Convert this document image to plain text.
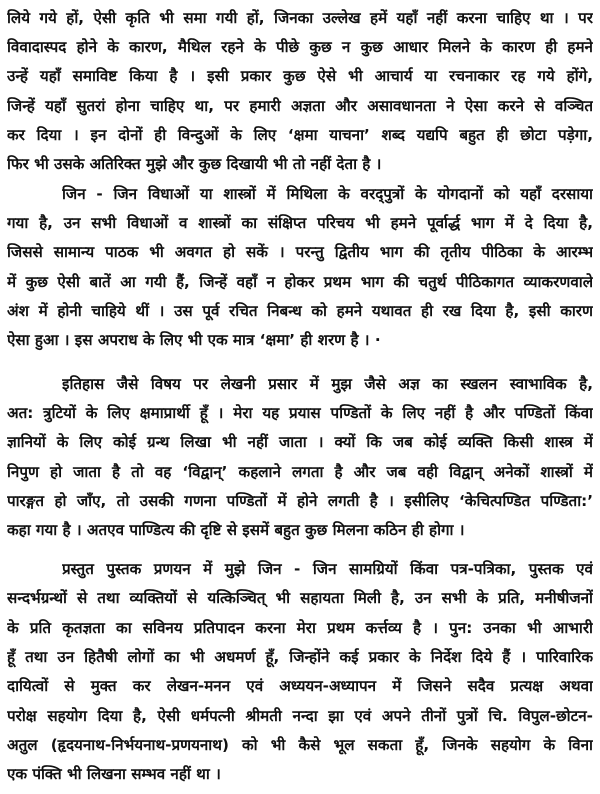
लिये गये हों, ऐसी कृति भी समा गयी हों, जिनका उल्लेख हमें यहाँ नहीं करना चाहिए था । पर
विवादास्पद होने के कारण, मैथिल रहने के पीछे कुछ न कुछ आधार मिलने के कारण ही हमने
उन्हें यहाँ समाविष्ट किया है । इसी प्रकार कुछ ऐसे भी आचार्य या रचनाकार रह गये होंगे,
जिन्हें यहाँ सुतरां होना चाहिए था, पर हमारी अज्ञता और असावधानता ने ऐसा करने से वञ्चित
कर दिया । इन दोनों ही विन्दुओं के लिए ‘क्षमा याचना’ शब्द यद्यपि बहुत ही छोटा पड़ेगा,
फिर भी उसके अतिरिक्त मुझे और कुछ दिखायी भी तो नहीं देता है ।
जिन - जिन विधाओं या शास्त्रों में मिथिला के वरद्पुत्रों के योगदानों को यहाँ दरसाया
गया है, उन सभी विधाओं व शास्त्रों का संक्षिप्त परिचय भी हमने पूर्वार्द्ध भाग में दे दिया है,
जिससे सामान्य पाठक भी अवगत हो सकें । परन्तु द्वितीय भाग की तृतीय पीठिका के आरम्भ
में कुछ ऐसी बातें आ गयी हैं, जिन्हें वहाँ न होकर प्रथम भाग की चतुर्थ पीठिकागत व्याकरणवाले
अंश में होनी चाहिये थीं । उस पूर्व रचित निबन्ध को हमने यथावत ही रख दिया है, इसी कारण
ऐसा हुआ । इस अपराध के लिए भी एक मात्र ‘क्षमा’ ही शरण है । ·
इतिहास जैसे विषय पर लेखनी प्रसार में मुझ जैसे अज्ञ का स्खलन स्वाभाविक है,
अत: त्रुटियों के लिए क्षमाप्रार्थी हूँ । मेरा यह प्रयास पण्डितों के लिए नहीं है और पण्डितों किंवा
ज्ञानियों के लिए कोई ग्रन्थ लिखा भी नहीं जाता । क्यों कि जब कोई व्यक्ति किसी शास्त्र में
निपुण हो जाता है तो वह ‘विद्वान्’ कहलाने लगता है और जब वही विद्वान् अनेकों शास्त्रों में
पारङ्गत हो जाँए, तो उसकी गणना पण्डितों में होने लगती है । इसीलिए ‘केचित्पण्डित पण्डिता:’
कहा गया है । अतएव पाण्डित्य की दृष्टि से इसमें बहुत कुछ मिलना कठिन ही होगा ।
प्रस्तुत पुस्तक प्रणयन में मुझे जिन - जिन सामग्रियों किंवा पत्र-पत्रिका, पुस्तक एवं
सन्दर्भग्रन्थों से तथा व्यक्तियों से यत्किञ्चित् भी सहायता मिली है, उन सभी के प्रति, मनीषीजनों
के प्रति कृतज्ञता का सविनय प्रतिपादन करना मेरा प्रथम कर्त्तव्य है । पुन: उनका भी आभारी
हूँ तथा उन हितैषी लोगों का भी अधमर्ण हूँ, जिन्होंने कई प्रकार के निर्देश दिये हैं । पारिवारिक
दायित्वों से मुक्त कर लेखन-मनन एवं अध्ययन-अध्यापन में जिसने सदैव प्रत्यक्ष अथवा
परोक्ष सहयोग दिया है, ऐसी धर्मपत्नी श्रीमती नन्दा झा एवं अपने तीनों पुत्रों चि. विपुल-छोटन-
अतुल (हृदयनाथ-निर्भयनाथ-प्रणयनाथ) को भी कैसे भूल सकता हूँ, जिनके सहयोग के विना
एक पंक्ति भी लिखना सम्भव नहीं था ।
